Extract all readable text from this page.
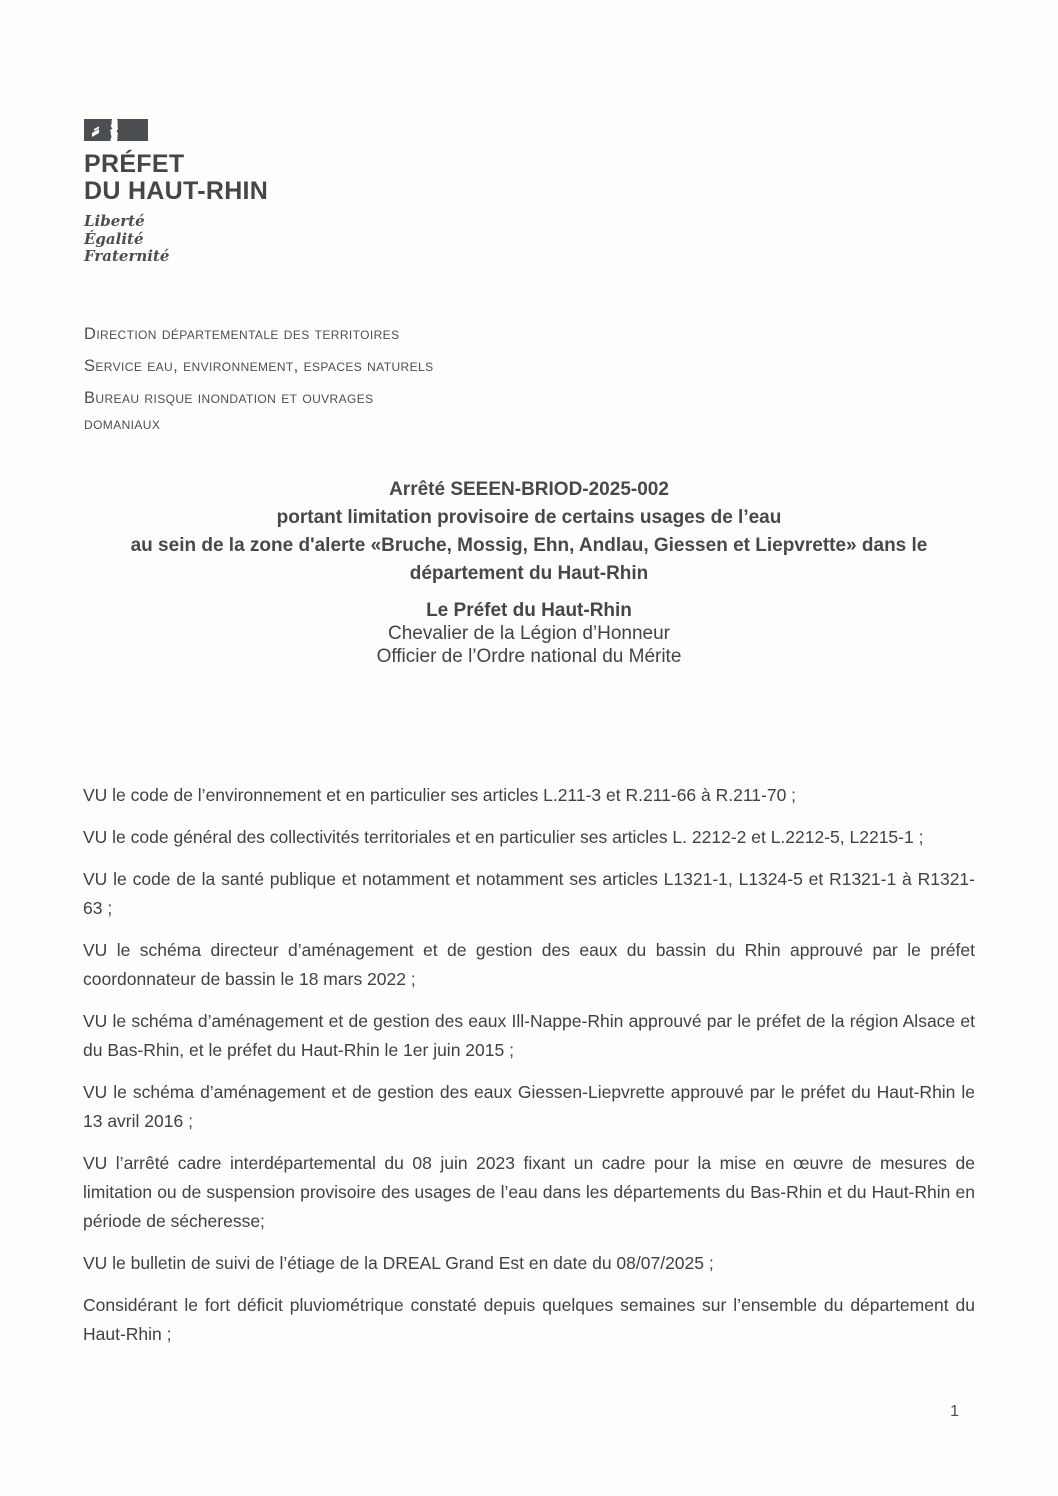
PRÉFET
DU HAUT-RHIN
Liberté
Égalité
Fraternité
Direction départementale des territoires
Service eau, environnement, espaces naturels
Bureau risque inondation et ouvrages
domaniaux
Arrêté SEEEN-BRIOD-2025-002
portant limitation provisoire de certains usages de l’eau
au sein de la zone d'alerte «Bruche, Mossig, Ehn, Andlau, Giessen et Liepvrette» dans le
département du Haut-Rhin
Le Préfet du Haut-Rhin
Chevalier de la Légion d’Honneur
Officier de l’Ordre national du Mérite

VU le code de l’environnement et en particulier ses articles L.211-3 et R.211-66 à R.211-70 ;

VU le code général des collectivités territoriales et en particulier ses articles L. 2212-2 et L.2212-5, L2215-1 ;

VU le code de la santé publique et notamment et notamment ses articles L1321-1, L1324-5 et R1321-1 à R1321-63 ;

VU le schéma directeur d’aménagement et de gestion des eaux du bassin du Rhin approuvé par le préfet coordonnateur de bassin le 18 mars 2022 ;

VU le schéma d’aménagement et de gestion des eaux Ill-Nappe-Rhin approuvé par le préfet de la région Alsace et du Bas-Rhin, et le préfet du Haut-Rhin le 1er juin 2015 ;

VU le schéma d’aménagement et de gestion des eaux Giessen-Liepvrette approuvé par le préfet du Haut-Rhin le 13 avril 2016 ;

VU l’arrêté cadre interdépartemental du 08 juin 2023 fixant un cadre pour la mise en œuvre de mesures de limitation ou de suspension provisoire des usages de l’eau dans les départements du Bas-Rhin et du Haut-Rhin en période de sécheresse;

VU le bulletin de suivi de l’étiage de la DREAL Grand Est en date du 08/07/2025 ;

Considérant le fort déficit pluviométrique constaté depuis quelques semaines sur l’ensemble du département du Haut-Rhin ;

1
